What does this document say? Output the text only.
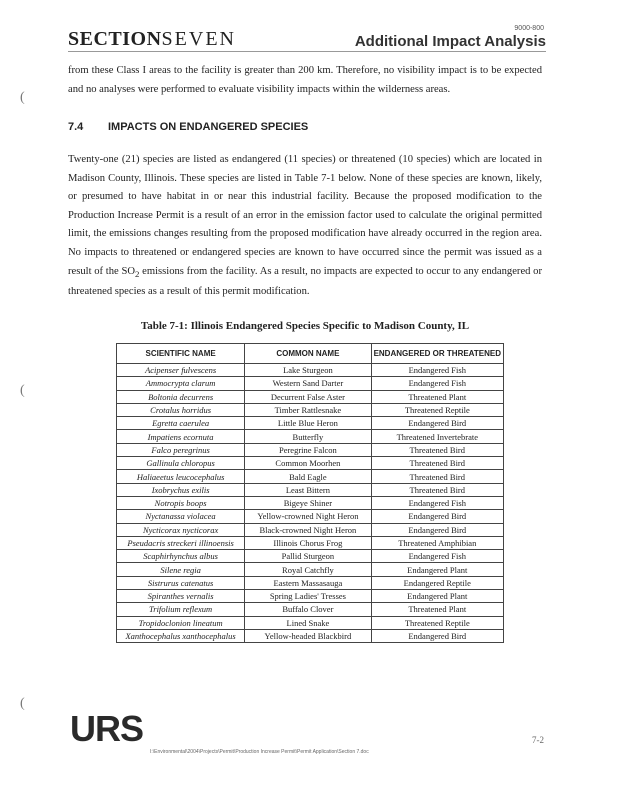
SECTIONSEVEN	9000-800
Additional Impact Analysis
(
(
(

from these Class I areas to the facility is greater than 200 km. Therefore, no visibility impact is to be expected and no analyses were performed to evaluate visibility impacts within the wilderness areas.

7.4 IMPACTS ON ENDANGERED SPECIES

Twenty-one (21) species are listed as endangered (11 species) or threatened (10 species) which are located in Madison County, Illinois. These species are listed in Table 7-1 below. None of these species are known, likely, or presumed to have habitat in or near this industrial facility. Because the proposed modification to the Production Increase Permit is a result of an error in the emission factor used to calculate the original permitted limit, the emissions changes resulting from the proposed modification have already occurred in the region area. No impacts to threatened or endangered species are known to have occurred since the permit was issued as a result of the $SO_2$ emissions from the facility. As a result, no impacts are expected to occur to any endangered or threatened species as a result of this permit modification.

Table 7-1: Illinois Endangered Species Specific to Madison County, IL
SCIENTIFIC NAME	COMMON NAME	ENDANGERED OR THREATENED
Acipenser fulvescens	Lake Sturgeon	Endangered Fish
Ammocrypta clarum	Western Sand Darter	Endangered Fish
Boltonia decurrens	Decurrent False Aster	Threatened Plant
Crotalus horridus	Timber Rattlesnake	Threatened Reptile
Egretta caerulea	Little Blue Heron	Endangered Bird
Impatiens ecornuta	Butterfly	Threatened Invertebrate
Falco peregrinus	Peregrine Falcon	Threatened Bird
Gallinula chloropus	Common Moorhen	Threatened Bird
Haliaeetus leucocephalus	Bald Eagle	Threatened Bird
Ixobrychus exilis	Least Bittern	Threatened Bird
Notropis boops	Bigeye Shiner	Endangered Fish
Nyctanassa violacea	Yellow-crowned Night Heron	Endangered Bird
Nycticorax nycticorax	Black-crowned Night Heron	Endangered Bird
Pseudacris streckeri illinoensis	Illinois Chorus Frog	Threatened Amphibian
Scaphirhynchus albus	Pallid Sturgeon	Endangered Fish
Silene regia	Royal Catchfly	Endangered Plant
Sistrurus catenatus	Eastern Massasauga	Endangered Reptile
Spiranthes vernalis	Spring Ladies' Tresses	Endangered Plant
Trifolium reflexum	Buffalo Clover	Threatened Plant
Tropidoclonion lineatum	Lined Snake	Threatened Reptile
Xanthocephalus xanthocephalus	Yellow-headed Blackbird	Endangered Bird
URS	7-2
I:\Environmental\2004\Projects\Permit\Production Increase Permit\Permit Application\Section 7.doc
